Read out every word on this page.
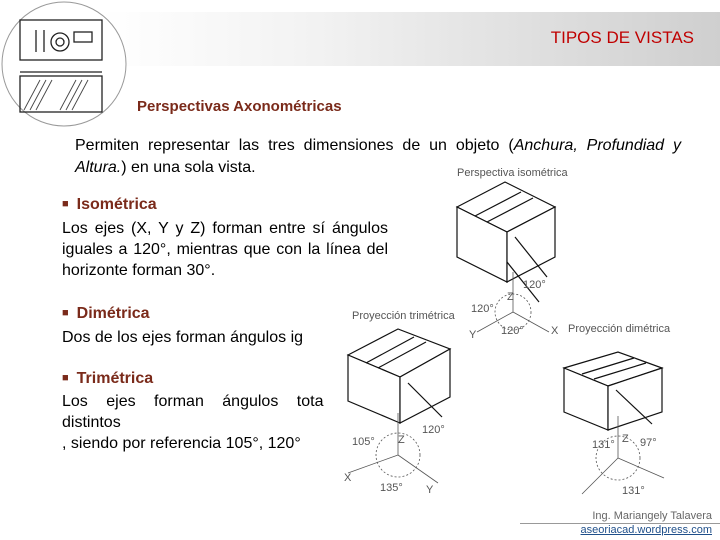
TIPOS DE VISTAS
Perspectivas Axonométricas
Permiten representar las tres dimensiones de un objeto (Anchura, Profundiad y Altura.) en una sola vista.
■ Isométrica
Los ejes (X, Y y Z) forman entre sí ángulos iguales a 120°, mientras que con la línea del horizonte forman 30°.
■ Dimétrica
Dos de los ejes forman ángulos ig
■ Trimétrica
Los ejes forman ángulos tota
distintos
, siendo por referencia 105°, 120°
Perspectiva isométrica
Z
120°
120°
120°
Y	X
Proyección trimétrica
Z
105°
120°
135°
X
Y
Proyección dimétrica
131° 97°
131°
Z
Ing. Mariangely Talavera
aseoriacad.wordpress.com
